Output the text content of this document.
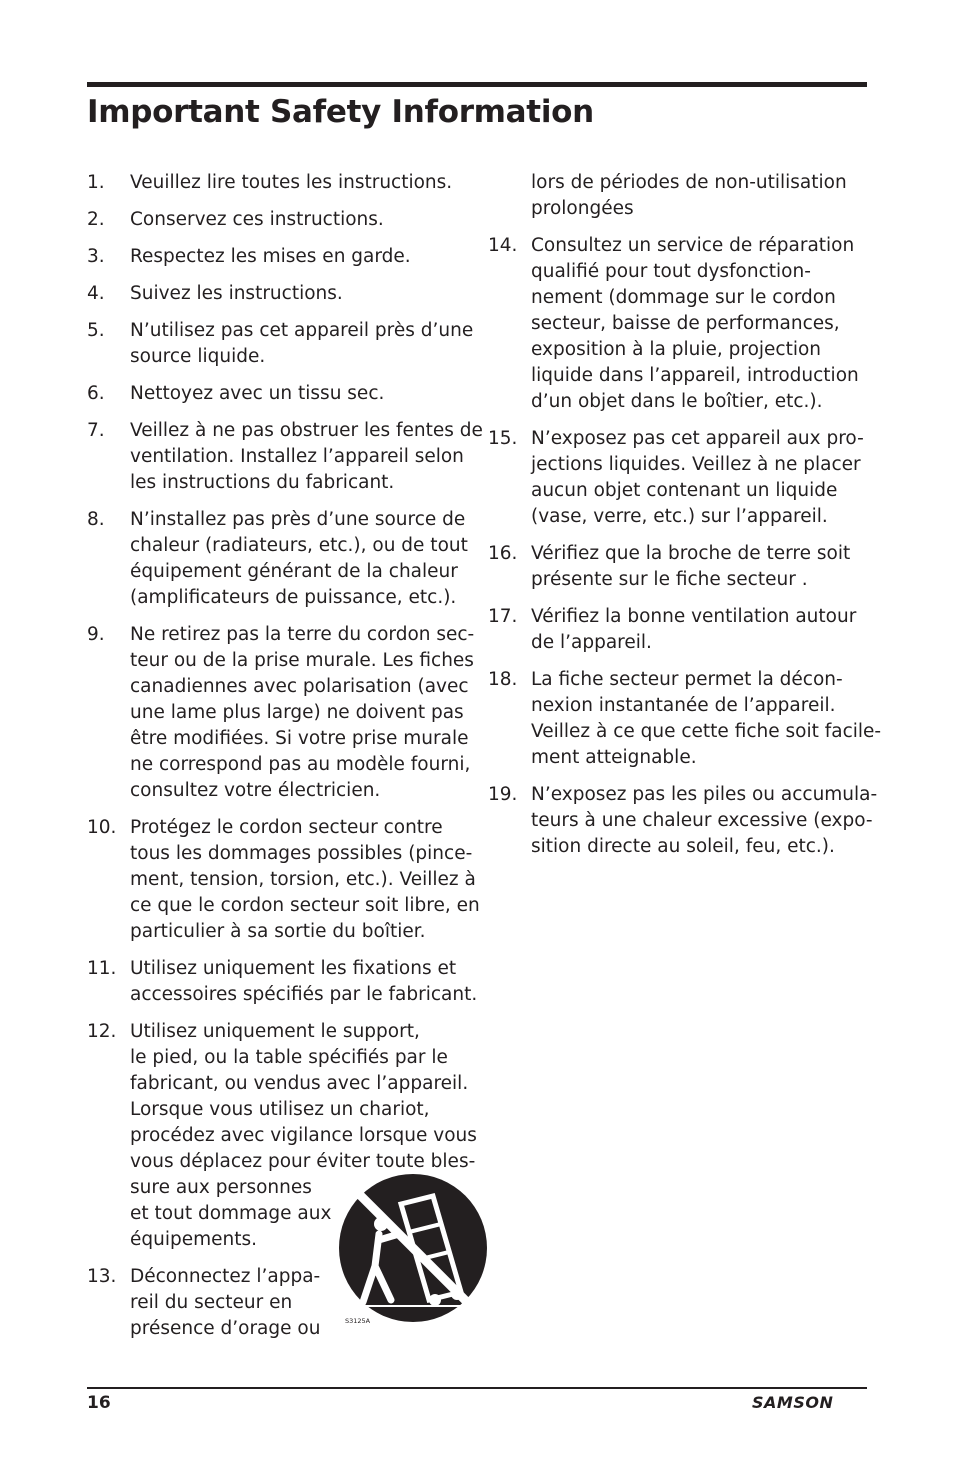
Important Safety Information
1. Veuillez lire toutes les instructions.
2. Conservez ces instructions.
3. Respectez les mises en garde.
4. Suivez les instructions.
5. N’utilisez pas cet appareil près d’une
source liquide.
6. Nettoyez avec un tissu sec.
7. Veillez à ne pas obstruer les fentes de
ventilation. Installez l’appareil selon
les instructions du fabricant.
8. N’installez pas près d’une source de
chaleur (radiateurs, etc.), ou de tout
équipement générant de la chaleur
(amplificateurs de puissance, etc.).
9. Ne retirez pas la terre du cordon sec-
teur ou de la prise murale. Les fiches
canadiennes avec polarisation (avec
une lame plus large) ne doivent pas
être modifiées. Si votre prise murale
ne correspond pas au modèle fourni,
consultez votre électricien.
10. Protégez le cordon secteur contre
tous les dommages possibles (pince-
ment, tension, torsion, etc.). Veillez à
ce que le cordon secteur soit libre, en
particulier à sa sortie du boîtier.
11. Utilisez uniquement les fixations et
accessoires spécifiés par le fabricant.
12. Utilisez uniquement le support,
le pied, ou la table spécifiés par le
fabricant, ou vendus avec l’appareil.
Lorsque vous utilisez un chariot,
procédez avec vigilance lorsque vous
vous déplacez pour éviter toute bles-
sure aux personnes
et tout dommage aux
équipements.
13. Déconnectez l’appa-
reil du secteur en
présence d’orage ou
lors de périodes de non-utilisation
prolongées
14. Consultez un service de réparation
qualifié pour tout dysfonction-
nement (dommage sur le cordon
secteur, baisse de performances,
exposition à la pluie, projection
liquide dans l’appareil, introduction
d’un objet dans le boîtier, etc.).
15. N’exposez pas cet appareil aux pro-
jections liquides. Veillez à ne placer
aucun objet contenant un liquide
(vase, verre, etc.) sur l’appareil.
16. Vérifiez que la broche de terre soit
présente sur le fiche secteur .
17. Vérifiez la bonne ventilation autour
de l’appareil.
18. La fiche secteur permet la décon-
nexion instantanée de l’appareil.
Veillez à ce que cette fiche soit facile-
ment atteignable.
19. N’exposez pas les piles ou accumula-
teurs à une chaleur excessive (expo-
sition directe au soleil, feu, etc.).
S3125A
16	SAMSON
